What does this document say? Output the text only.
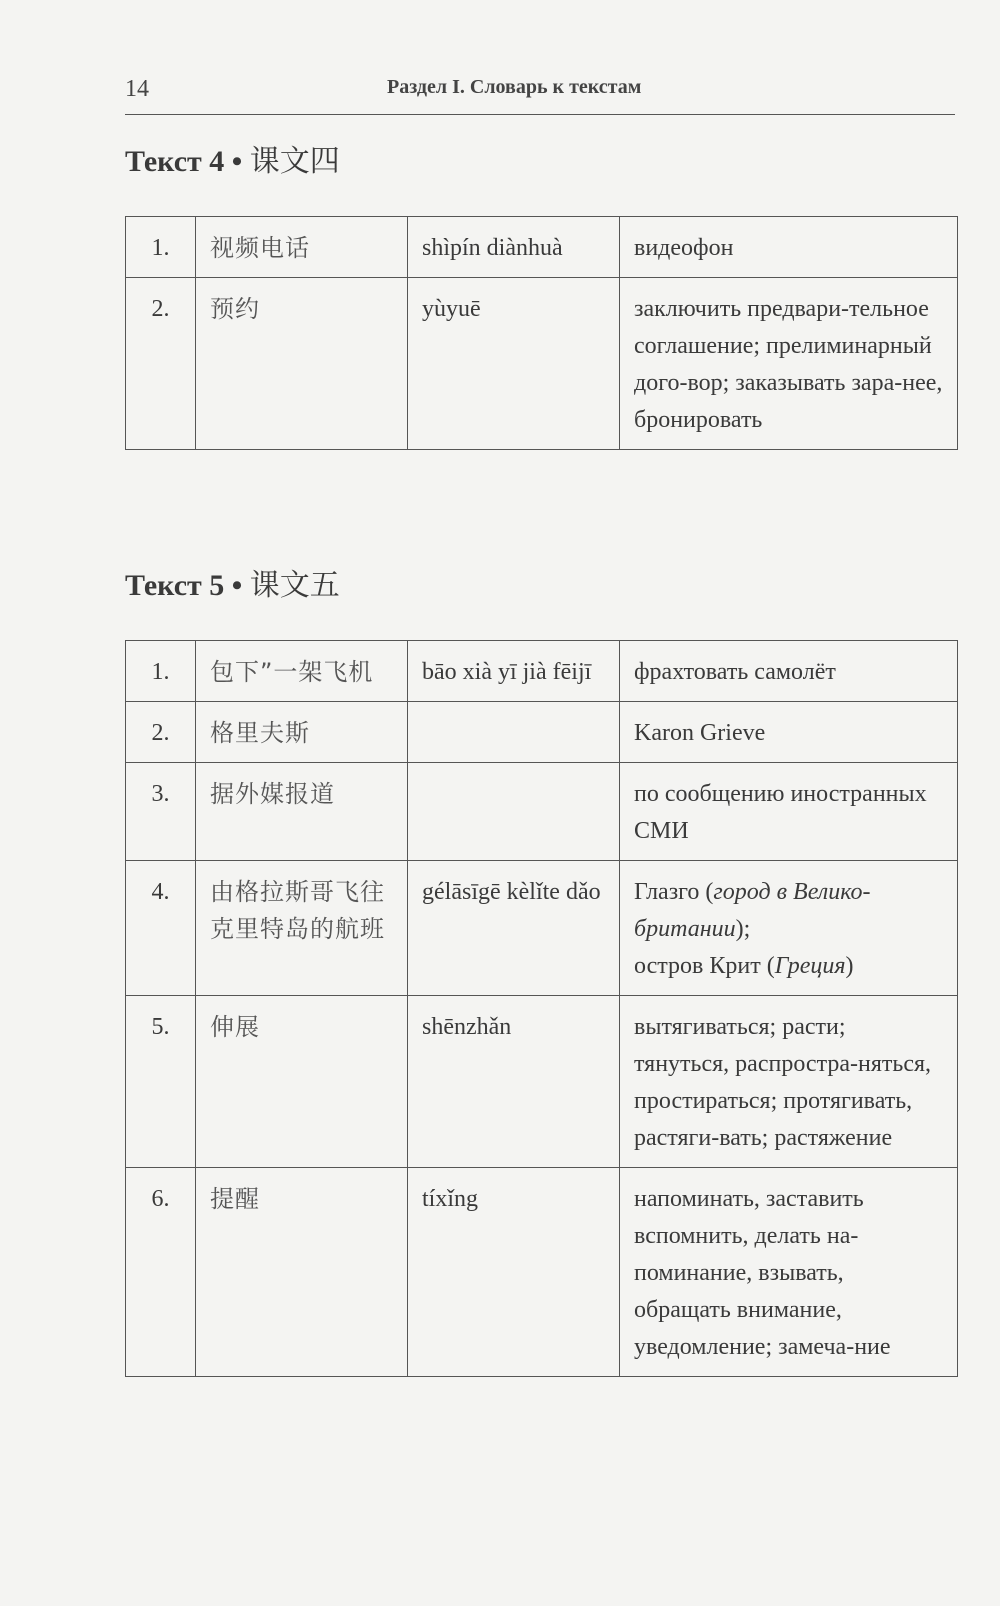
14	Раздел I. Словарь к текстам
Текст 4 • 课文四
1.	视频电话	shìpín diànhuà	видеофон
2.	预约	yùyuē	заключить предвари-тельное соглашение; прелиминарный дого-вор; заказывать зара-нее, бронировать
Текст 5 • 课文五
1.	包下”一架飞机	bāo xià yī jià fēijī	фрахтовать самолёт
2.	格里夫斯		Karon Grieve
3.	据外媒报道		по сообщению иностранных СМИ
4.	由格拉斯哥飞往克里特岛的航班	gélāsīgē kèlǐte dǎo	Глазго (город в Велико-британии);
остров Крит (Греция)
5.	伸展	shēnzhǎn	вытягиваться; расти; тянуться, распростра-няться, простираться; протягивать, растяги-вать; растяжение
6.	提醒	tíxǐng	напоминать, заставить вспомнить, делать на-поминание, взывать, обращать внимание, уведомление; замеча-ние
